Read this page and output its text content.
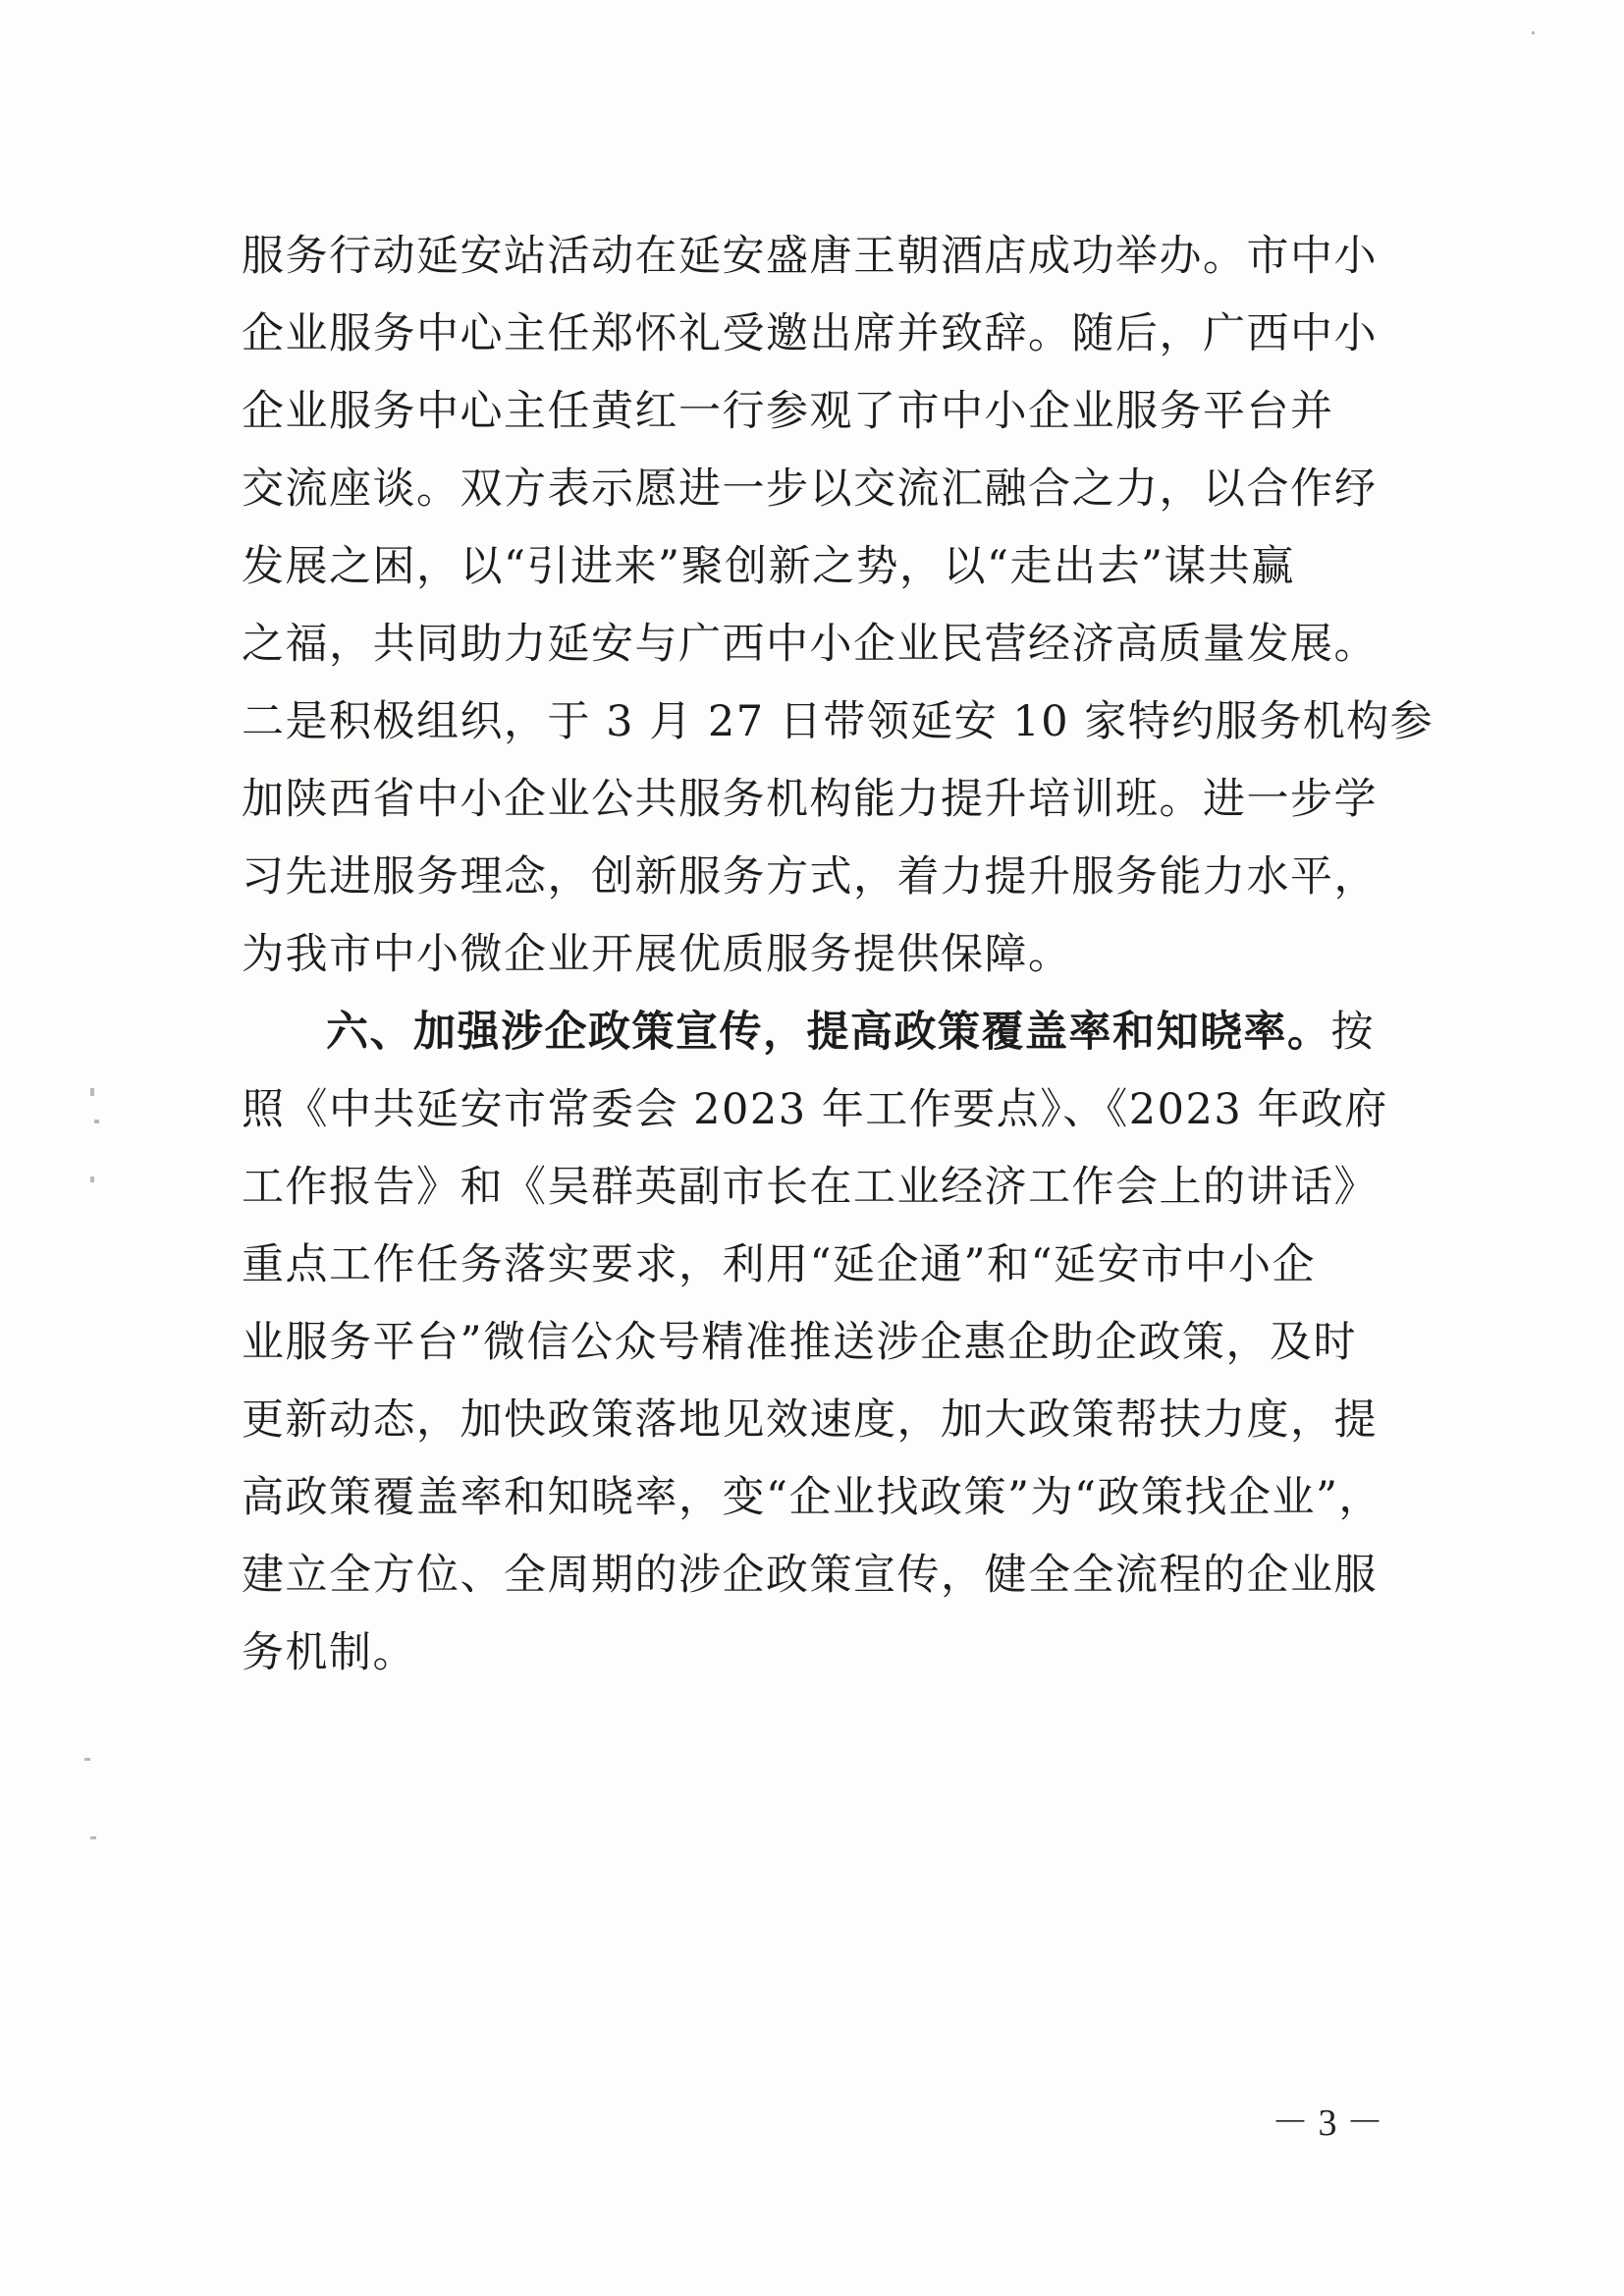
服务行动延安站活动在延安盛唐王朝酒店成功举办。市中小
企业服务中心主任郑怀礼受邀出席并致辞。随后，广西中小
企业服务中心主任黄红一行参观了市中小企业服务平台并
交流座谈。双方表示愿进一步以交流汇融合之力，以合作纾
发展之困，以“引进来”聚创新之势，以“走出去”谋共赢
之福，共同助力延安与广西中小企业民营经济高质量发展。
二是积极组织，于 3 月 27 日带领延安 10 家特约服务机构参
加陕西省中小企业公共服务机构能力提升培训班。进一步学
习先进服务理念，创新服务方式，着力提升服务能力水平，
为我市中小微企业开展优质服务提供保障。
六、加强涉企政策宣传，提高政策覆盖率和知晓率。按
照《中共延安市常委会 2023 年工作要点》、《2023 年政府
工作报告》和《吴群英副市长在工业经济工作会上的讲话》
重点工作任务落实要求，利用“延企通”和“延安市中小企
业服务平台”微信公众号精准推送涉企惠企助企政策，及时
更新动态，加快政策落地见效速度，加大政策帮扶力度，提
高政策覆盖率和知晓率，变“企业找政策”为“政策找企业”，
建立全方位、全周期的涉企政策宣传，健全全流程的企业服
务机制。
－ 3 －
